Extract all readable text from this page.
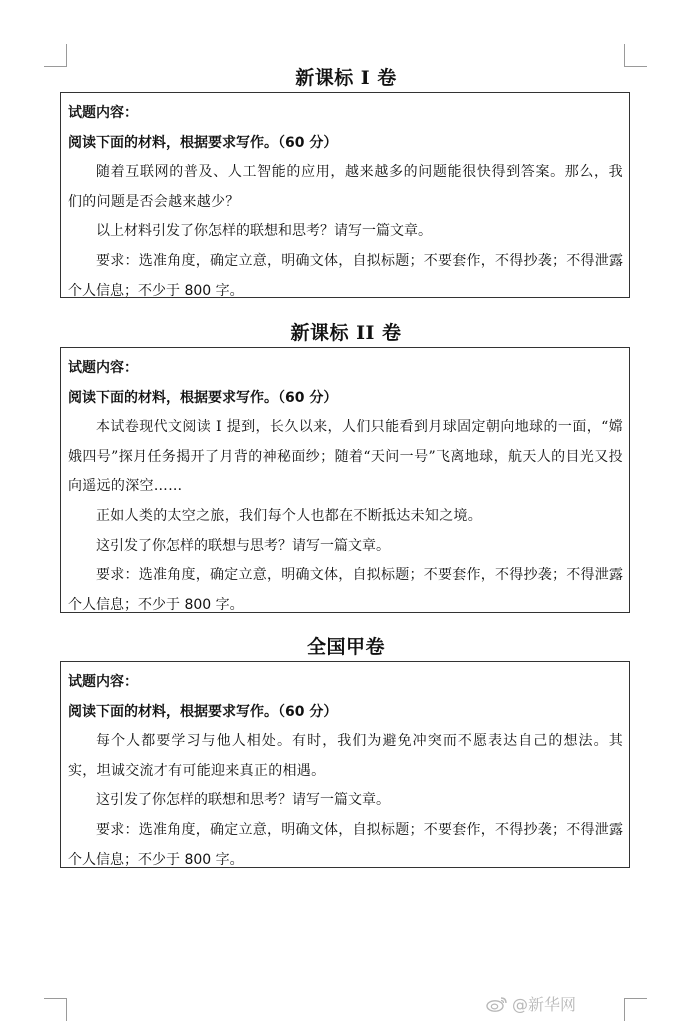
新课标 I 卷
试题内容：
阅读下面的材料，根据要求写作。（60 分）
随着互联网的普及、人工智能的应用，越来越多的问题能很快得到答案。那么，我们的问题是否会越来越少？
以上材料引发了你怎样的联想和思考？请写一篇文章。
要求：选准角度，确定立意，明确文体，自拟标题；不要套作，不得抄袭；不得泄露个人信息；不少于 800 字。
新课标 II 卷
试题内容：
阅读下面的材料，根据要求写作。（60 分）
本试卷现代文阅读 I 提到，长久以来，人们只能看到月球固定朝向地球的一面，“嫦娥四号”探月任务揭开了月背的神秘面纱；随着“天问一号”飞离地球，航天人的目光又投向遥远的深空……
正如人类的太空之旅，我们每个人也都在不断抵达未知之境。
这引发了你怎样的联想与思考？请写一篇文章。
要求：选准角度，确定立意，明确文体，自拟标题；不要套作，不得抄袭；不得泄露个人信息；不少于 800 字。
全国甲卷
试题内容：
阅读下面的材料，根据要求写作。（60 分）
每个人都要学习与他人相处。有时，我们为避免冲突而不愿表达自己的想法。其实，坦诚交流才有可能迎来真正的相遇。
这引发了你怎样的联想和思考？请写一篇文章。
要求：选准角度，确定立意，明确文体，自拟标题；不要套作，不得抄袭；不得泄露个人信息；不少于 800 字。
@新华网
